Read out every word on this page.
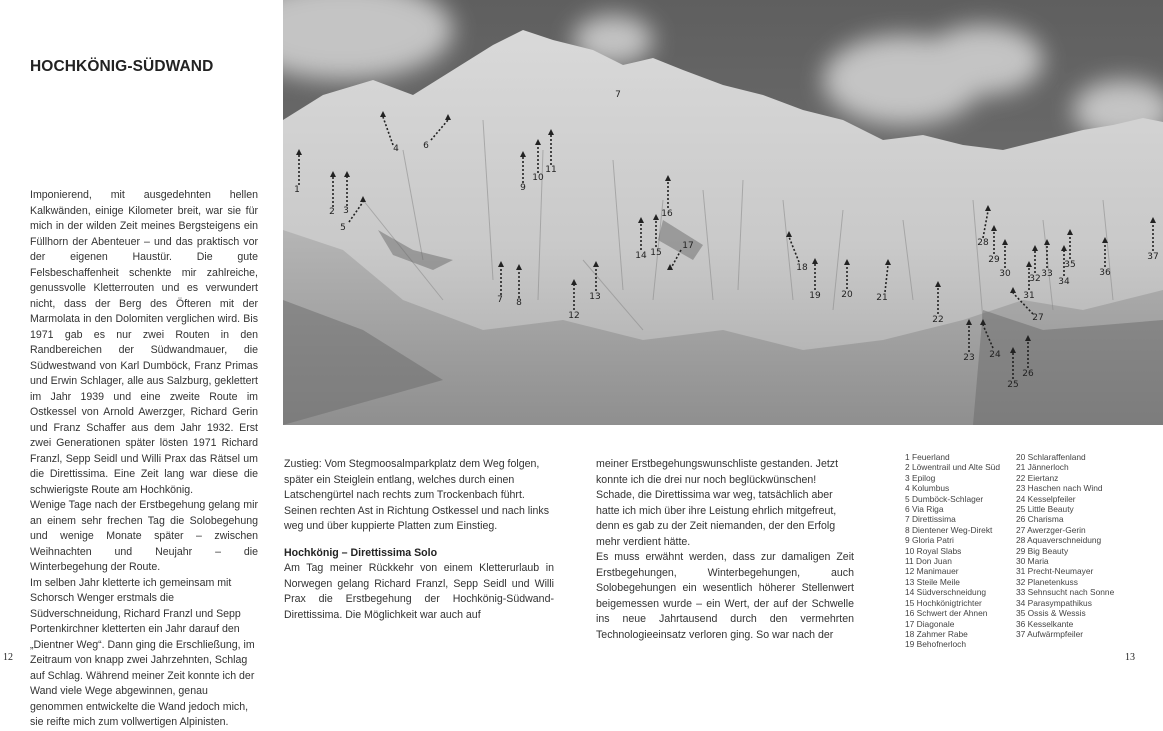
HOCHKÖNIG-SÜDWAND

Imponierend, mit ausgedehnten hellen Kalkwänden, einige Kilometer breit, war sie für mich in der wilden Zeit meines Bergsteigens ein Füllhorn der Abenteuer – und das praktisch vor der eigenen Haustür. Die gute Felsbeschaffenheit schenkte mir zahlreiche, genussvolle Kletterrouten und es verwundert nicht, dass der Berg des Öfteren mit der Marmolata in den Dolomiten verglichen wird. Bis 1971 gab es nur zwei Routen in den Randbereichen der Südwandmauer, die Südwestwand von Karl Dumböck, Franz Primas und Erwin Schlager, alle aus Salzburg, geklettert im Jahr 1939 und eine zweite Route im Ostkessel von Arnold Awerzger, Richard Gerin und Franz Schaffer aus dem Jahr 1932. Erst zwei Generationen später lösten 1971 Richard Franzl, Sepp Seidl und Willi Prax das Rätsel um die Direttissima. Eine Zeit lang war diese die schwierigste Route am Hochkönig.

Wenige Tage nach der Erstbegehung gelang mir an einem sehr frechen Tag die Solobegehung und wenige Monate später – zwischen Weihnachten und Neujahr – die Winterbegehung der Route.

Im selben Jahr kletterte ich gemeinsam mit Schorsch Wenger erstmals die Südverschneidung, Richard Franzl und Sepp Portenkirchner kletterten ein Jahr darauf den „Dientner Weg“. Dann ging die Erschließung, im Zeitraum von knapp zwei Jahrzehnten, Schlag auf Schlag. Während meiner Zeit konnte ich der Wand viele Wege abgewinnen, genau genommen entwickelte die Wand jedoch mich, sie reifte mich zum vollwertigen Alpinisten.

12
1
2 3
4
5
6
7
7 8
9
10
11
12
13
14 15
16
17
18
19 20	21
22
23 24
25
26
27
28
29
30
31
32 33
34
35
36
37

Zustieg: Vom Stegmoosalmparkplatz dem Weg folgen, später ein Steiglein entlang, welches durch einen Latschengürtel nach rechts zum Trockenbach führt. Seinen rechten Ast in Richtung Ostkessel und nach links weg und über kuppierte Platten zum Einstieg.

Hochkönig – Direttissima Solo

Am Tag meiner Rückkehr von einem Kletterurlaub in Norwegen gelang Richard Franzl, Sepp Seidl und Willi Prax die Erstbegehung der Hochkönig-Südwand-Direttissima. Die Möglichkeit war auch auf

meiner Erstbegehungswunschliste gestanden. Jetzt konnte ich die drei nur noch beglückwünschen! Schade, die Direttissima war weg, tatsächlich aber hatte ich mich über ihre Leistung ehrlich mitgefreut, denn es gab zu der Zeit niemanden, der den Erfolg mehr verdient hätte.

Es muss erwähnt werden, dass zur damaligen Zeit Erstbegehungen, Winterbegehungen, auch Solobegehungen ein wesentlich höherer Stellenwert beigemessen wurde – ein Wert, der auf der Schwelle ins neue Jahrtausend durch den vermehrten Technologieeinsatz verloren ging. So war nach der

1 Feuerland
2 Löwentrail und Alte Süd
3 Epilog
4 Kolumbus
5 Dumböck-Schlager
6 Via Riga
7 Direttissima
8 Dientener Weg-Direkt
9 Gloria Patri
10 Royal Slabs
11 Don Juan
12 Manimauer
13 Steile Meile
14 Südverschneidung
15 Hochkönigtrichter
16 Schwert der Ahnen
17 Diagonale
18 Zahmer Rabe
19 Behofnerloch
20 Schlaraffenland
21 Jännerloch
22 Eiertanz
23 Haschen nach Wind
24 Kesselpfeiler
25 Little Beauty
26 Charisma
27 Awerzger-Gerin
28 Aquaverschneidung
29 Big Beauty
30 Maria
31 Precht-Neumayer
32 Planetenkuss
33 Sehnsucht nach Sonne
34 Parasympathikus
35 Ossis & Wessis
36 Kesselkante
37 Aufwärmpfeiler
13
